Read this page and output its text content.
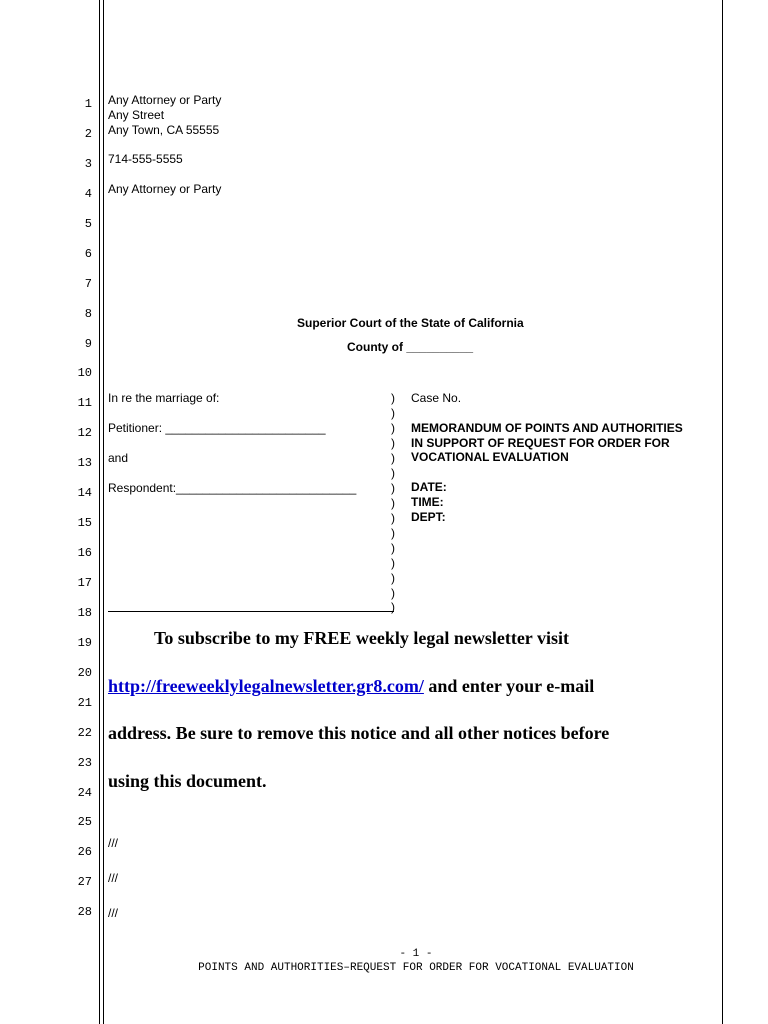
1
2
3
4
5
6
7
8
9
10
11
12
13
14
15
16
17
18
19
20
21
22
23
24
25
26
27
28
Any Attorney or Party
Any Street
Any Town, CA 55555
714-555-5555
Any Attorney or Party
Superior Court of the State of California
County of __________
In re the marriage of:
Petitioner: ________________________
and
Respondent:___________________________
)
)
)
)
)
)
)
)
)
)
)
)
)
)
)
Case No.
MEMORANDUM OF POINTS AND AUTHORITIES
IN SUPPORT OF REQUEST FOR ORDER FOR
VOCATIONAL EVALUATION
DATE:
TIME:
DEPT:
To subscribe to my FREE weekly legal newsletter visit
http://freeweeklylegalnewsletter.gr8.com/ and enter your e-mail
address. Be sure to remove this notice and all other notices before
using this document.
///
///
///
- 1 -
POINTS AND AUTHORITIES–REQUEST FOR ORDER FOR VOCATIONAL EVALUATION
